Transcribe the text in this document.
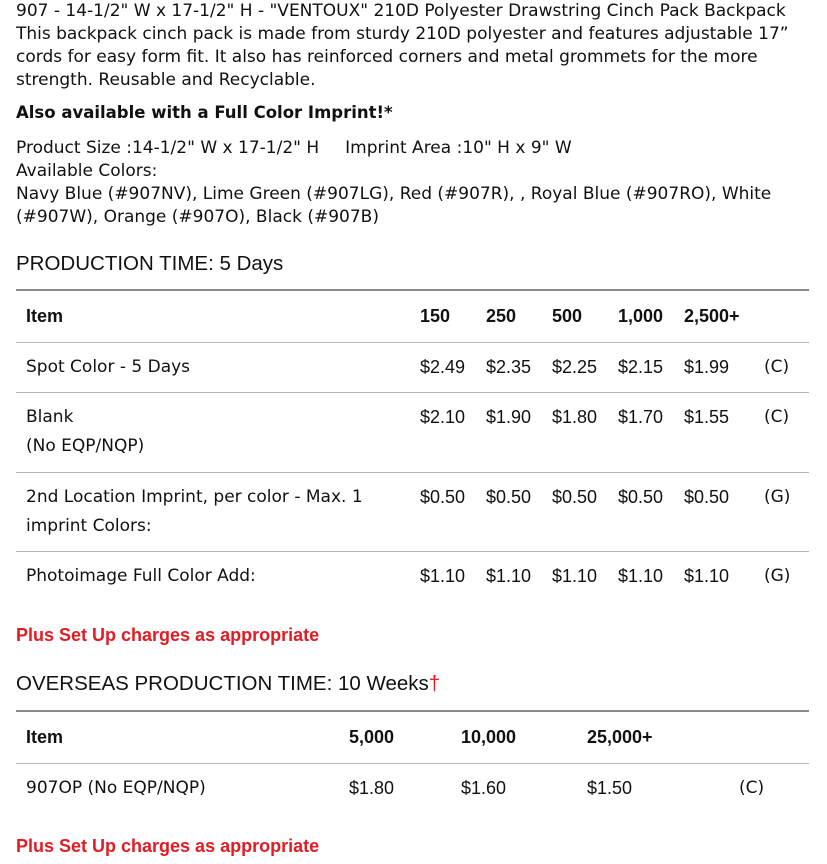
907 - 14-1/2" W x 17-1/2" H - "VENTOUX" 210D Polyester Drawstring Cinch Pack Backpack This backpack cinch pack is made from sturdy 210D polyester and features adjustable 17” cords for easy form fit. It also has reinforced corners and metal grommets for the more strength. Reusable and Recyclable.

Also available with a Full Color Imprint!*

Product Size :14-1/2" W x 17-1/2" H Imprint Area :10" H x 9" W
Available Colors:
Navy Blue (#907NV), Lime Green (#907LG), Red (#907R), , Royal Blue (#907RO), White (#907W), Orange (#907O), Black (#907B)

PRODUCTION TIME: 5 Days

Item	150	250	500	1,000	2,500+	
Spot Color - 5 Days	$2.49	$2.35	$2.25	$2.15	$1.99	(C)
Blank
(No EQP/NQP)	$2.10	$1.90	$1.80	$1.70	$1.55	(C)
2nd Location Imprint, per color - Max. 1 imprint Colors:	$0.50	$0.50	$0.50	$0.50	$0.50	(G)
Photoimage Full Color Add:	$1.10	$1.10	$1.10	$1.10	$1.10	(G)

Plus Set Up charges as appropriate

OVERSEAS PRODUCTION TIME: 10 Weeks†

Item	5,000	10,000	25,000+	
907OP (No EQP/NQP)	$1.80	$1.60	$1.50	(C)

Plus Set Up charges as appropriate
